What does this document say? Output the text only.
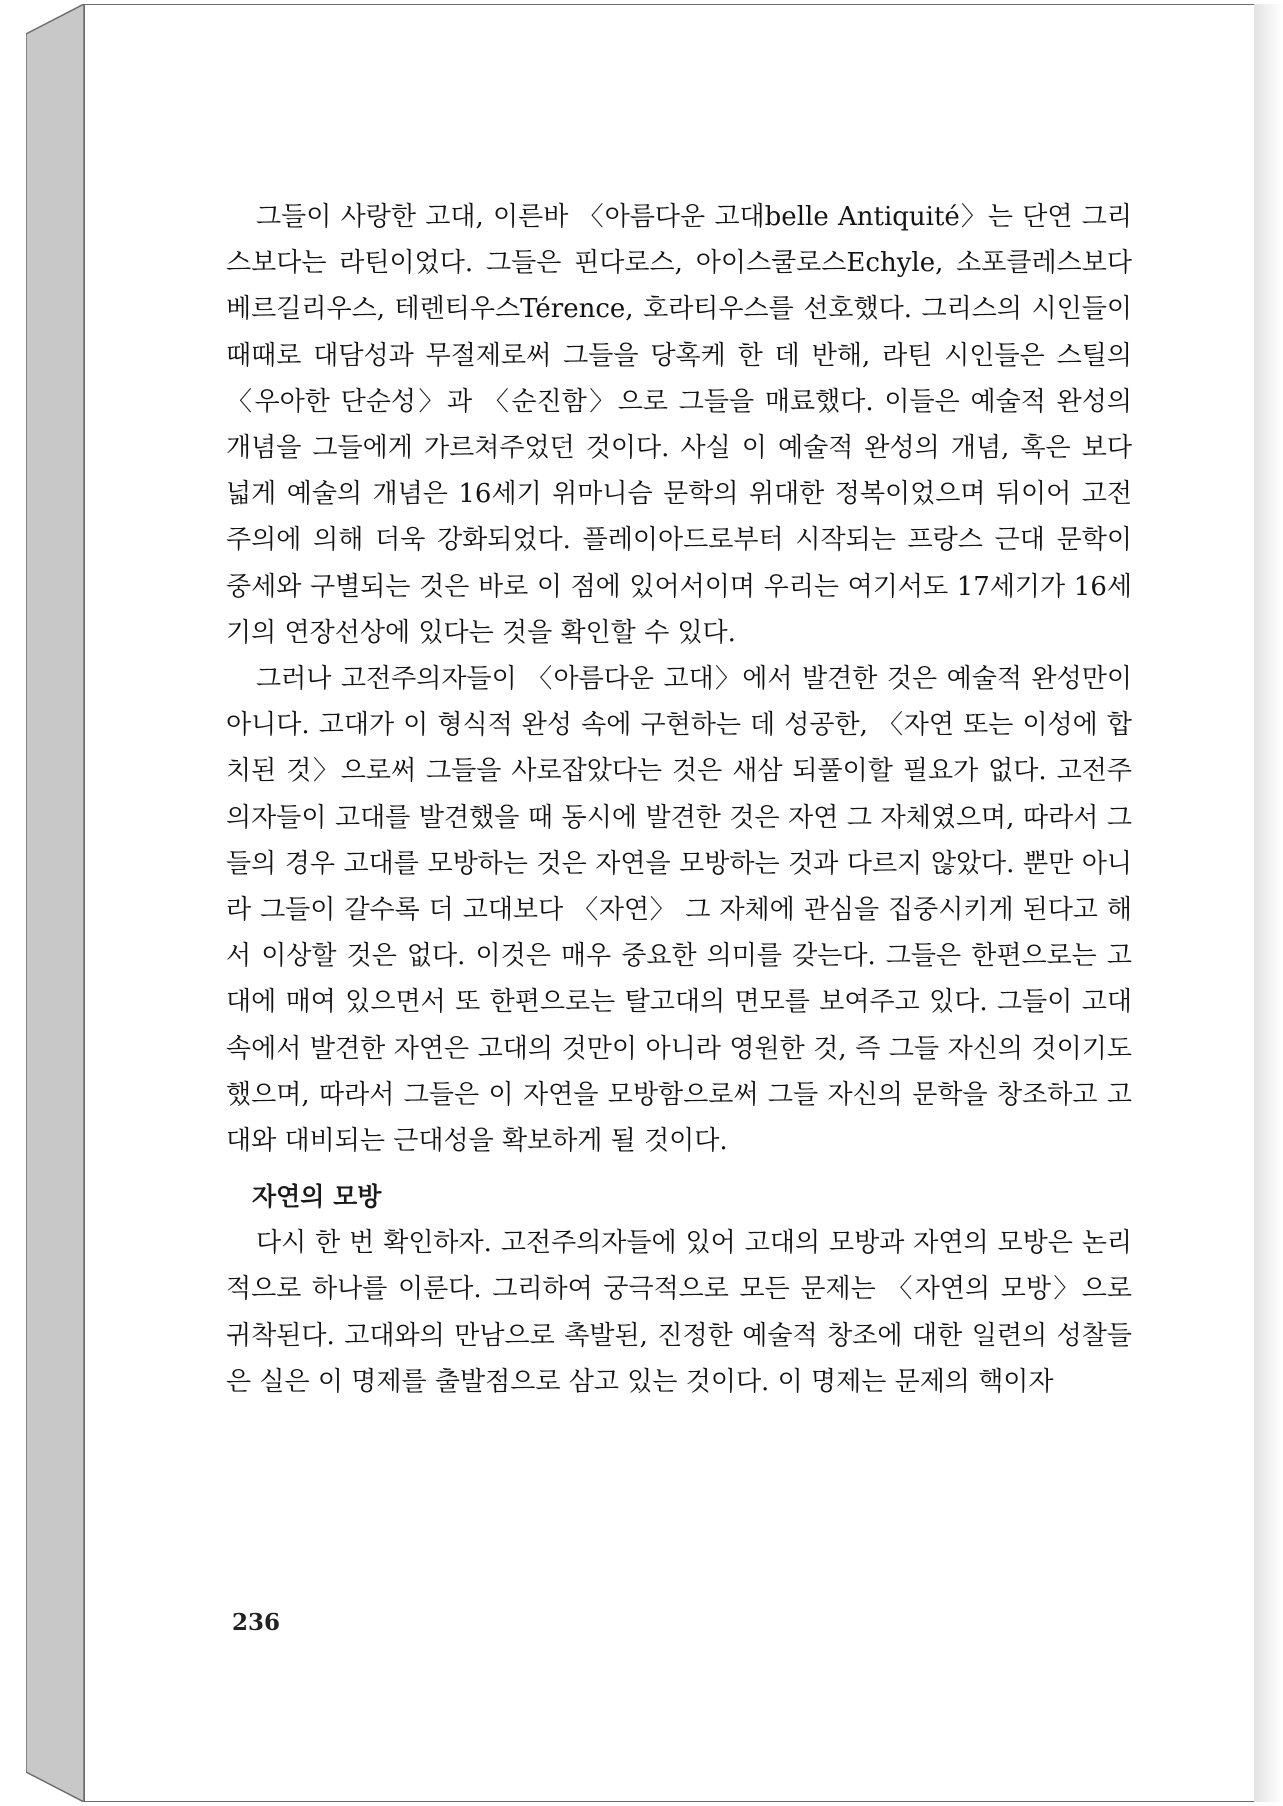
그들이 사랑한 고대, 이른바 〈아름다운 고대belle Antiquité〉는 단연 그리스보다는 라틴이었다. 그들은 핀다로스, 아이스쿨로스Echyle, 소포클레스보다 베르길리우스, 테렌티우스Térence, 호라티우스를 선호했다. 그리스의 시인들이 때때로 대담성과 무절제로써 그들을 당혹케 한 데 반해, 라틴 시인들은 스틸의 〈우아한 단순성〉과 〈순진함〉으로 그들을 매료했다. 이들은 예술적 완성의 개념을 그들에게 가르쳐주었던 것이다. 사실 이 예술적 완성의 개념, 혹은 보다 넓게 예술의 개념은 16세기 위마니슴 문학의 위대한 정복이었으며 뒤이어 고전주의에 의해 더욱 강화되었다. 플레이아드로부터 시작되는 프랑스 근대 문학이 중세와 구별되는 것은 바로 이 점에 있어서이며 우리는 여기서도 17세기가 16세기의 연장선상에 있다는 것을 확인할 수 있다.

그러나 고전주의자들이 〈아름다운 고대〉에서 발견한 것은 예술적 완성만이 아니다. 고대가 이 형식적 완성 속에 구현하는 데 성공한, 〈자연 또는 이성에 합치된 것〉으로써 그들을 사로잡았다는 것은 새삼 되풀이할 필요가 없다. 고전주의자들이 고대를 발견했을 때 동시에 발견한 것은 자연 그 자체였으며, 따라서 그들의 경우 고대를 모방하는 것은 자연을 모방하는 것과 다르지 않았다. 뿐만 아니라 그들이 갈수록 더 고대보다 〈자연〉 그 자체에 관심을 집중시키게 된다고 해서 이상할 것은 없다. 이것은 매우 중요한 의미를 갖는다. 그들은 한편으로는 고대에 매여 있으면서 또 한편으로는 탈고대의 면모를 보여주고 있다. 그들이 고대 속에서 발견한 자연은 고대의 것만이 아니라 영원한 것, 즉 그들 자신의 것이기도 했으며, 따라서 그들은 이 자연을 모방함으로써 그들 자신의 문학을 창조하고 고대와 대비되는 근대성을 확보하게 될 것이다.

자연의 모방

다시 한 번 확인하자. 고전주의자들에 있어 고대의 모방과 자연의 모방은 논리적으로 하나를 이룬다. 그리하여 궁극적으로 모든 문제는 〈자연의 모방〉으로 귀착된다. 고대와의 만남으로 촉발된, 진정한 예술적 창조에 대한 일련의 성찰들은 실은 이 명제를 출발점으로 삼고 있는 것이다. 이 명제는 문제의 핵이자

236
